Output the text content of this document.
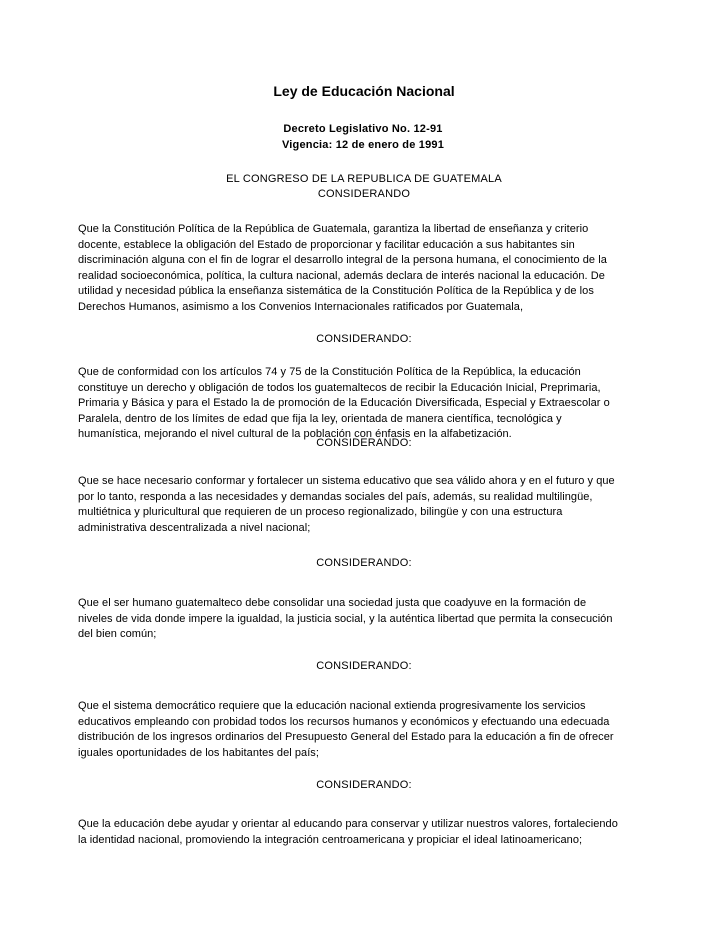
Ley de Educación Nacional
Decreto Legislativo No. 12-91
Vigencia: 12 de enero de 1991
EL CONGRESO DE LA REPUBLICA DE GUATEMALA
CONSIDERANDO
Que la Constitución Política de la República de Guatemala, garantiza la libertad de enseñanza y criterio
docente, establece la obligación del Estado de proporcionar y facilitar educación a sus habitantes sin
discriminación alguna con el fin de lograr el desarrollo integral de la persona humana, el conocimiento de la
realidad socioeconómica, política, la cultura nacional, además declara de interés nacional la educación. De
utilidad y necesidad pública la enseñanza sistemática de la Constitución Política de la República y de los
Derechos Humanos, asimismo a los Convenios Internacionales ratificados por Guatemala,
CONSIDERANDO:
Que de conformidad con los artículos 74 y 75 de la Constitución Política de la República, la educación
constituye un derecho y obligación de todos los guatemaltecos de recibir la Educación Inicial, Preprimaria,
Primaria y Básica y para el Estado la de promoción de la Educación Diversificada, Especial y Extraescolar o
Paralela, dentro de los límites de edad que fija la ley, orientada de manera científica, tecnológica y
humanística, mejorando el nivel cultural de la población con énfasis en la alfabetización.
CONSIDERANDO:
Que se hace necesario conformar y fortalecer un sistema educativo que sea válido ahora y en el futuro y que
por lo tanto, responda a las necesidades y demandas sociales del país, además, su realidad multilingüe,
multiétnica y pluricultural que requieren de un proceso regionalizado, bilingüe y con una estructura
administrativa descentralizada a nivel nacional;
CONSIDERANDO:
Que el ser humano guatemalteco debe consolidar una sociedad justa que coadyuve en la formación de
niveles de vida donde impere la igualdad, la justicia social, y la auténtica libertad que permita la consecución
del bien común;
CONSIDERANDO:
Que el sistema democrático requiere que la educación nacional extienda progresivamente los servicios
educativos empleando con probidad todos los recursos humanos y económicos y efectuando una edecuada
distribución de los ingresos ordinarios del Presupuesto General del Estado para la educación a fin de ofrecer
iguales oportunidades de los habitantes del país;
CONSIDERANDO:
Que la educación debe ayudar y orientar al educando para conservar y utilizar nuestros valores, fortaleciendo
la identidad nacional, promoviendo la integración centroamericana y propiciar el ideal latinoamericano;
